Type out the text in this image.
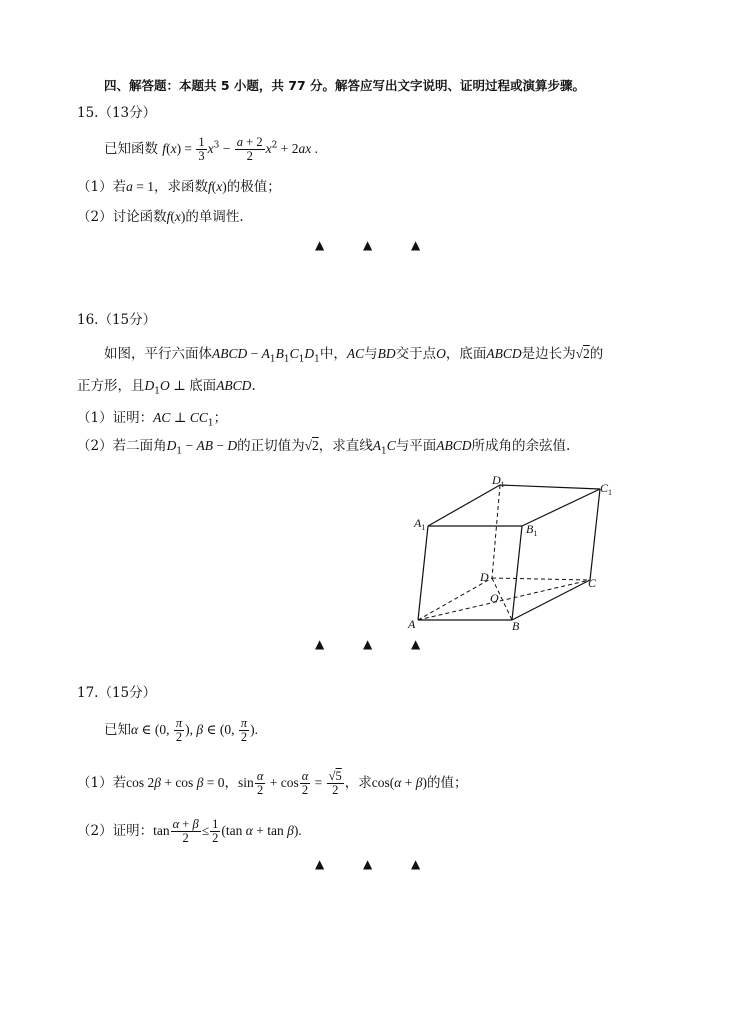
四、解答题：本题共 5 小题，共 77 分。解答应写出文字说明、证明过程或演算步骤。
15.（13分）
已知函数 $f(x) = \frac{1}{3} x^3 - \frac{a + 2}{2} x^2 + 2ax$ .
（1）若a = 1，求函数f(x)的极值；
（2）讨论函数f(x)的单调性.
▲	▲	▲
16.（15分）
如图，平行六面体ABCD − $A_1B_1C_1D_1$中，AC与BD交于点O，底面ABCD是边长为√2的
正方形，且$D_1O$ ⊥ 底面ABCD.
（1）证明：AC ⊥ $CC_1$；
（2）若二面角$D_1$ − AB − D的正切值为√2，求直线$A_1C$与平面ABCD所成角的余弦值.
$D_1$	$C_1$
$A_1$	$B_1$
D	C
O
A	B
▲	▲	▲
17.（15分）
已知α ∈ (0, $\frac{\pi}{2}$ ), β ∈ (0, $\frac{\pi}{2}$ ).
（1）若cos 2β + cos β = 0，$\sin \frac{\alpha}{2} + \cos \frac{\alpha}{2} = \frac{√5}{2}$ ，求cos(α + β)的值；
（2）证明：$\tan \frac{\alpha + \beta}{2} \le \frac{1}{2} (\tan$ α + tan β).
▲	▲	▲
